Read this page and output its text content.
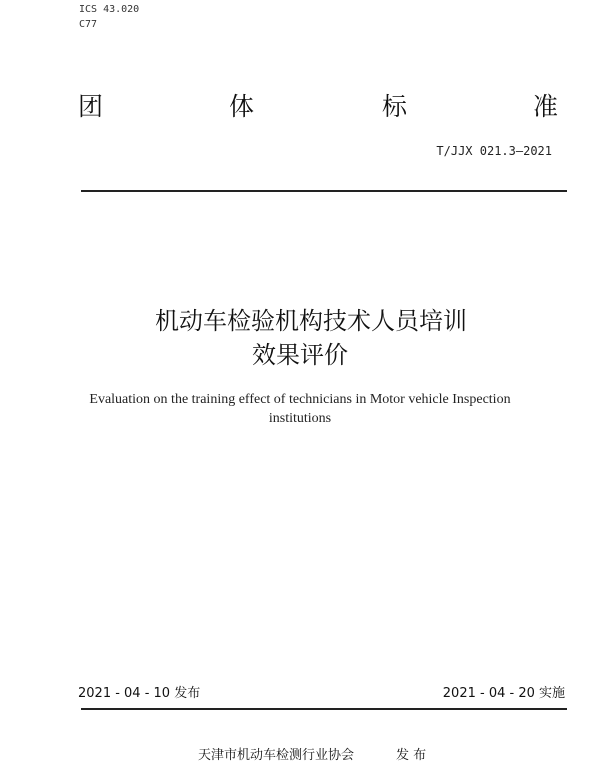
ICS 43.020
C77
团	体	标	准
T/JJX 021.3—2021
机动车检验机构技术人员培训
效果评价
Evaluation on the training effect of technicians in Motor vehicle Inspection
institutions
2021 - 04 - 10 发布	2021 - 04 - 20 实施
天津市机动车检测行业协会	发 布
